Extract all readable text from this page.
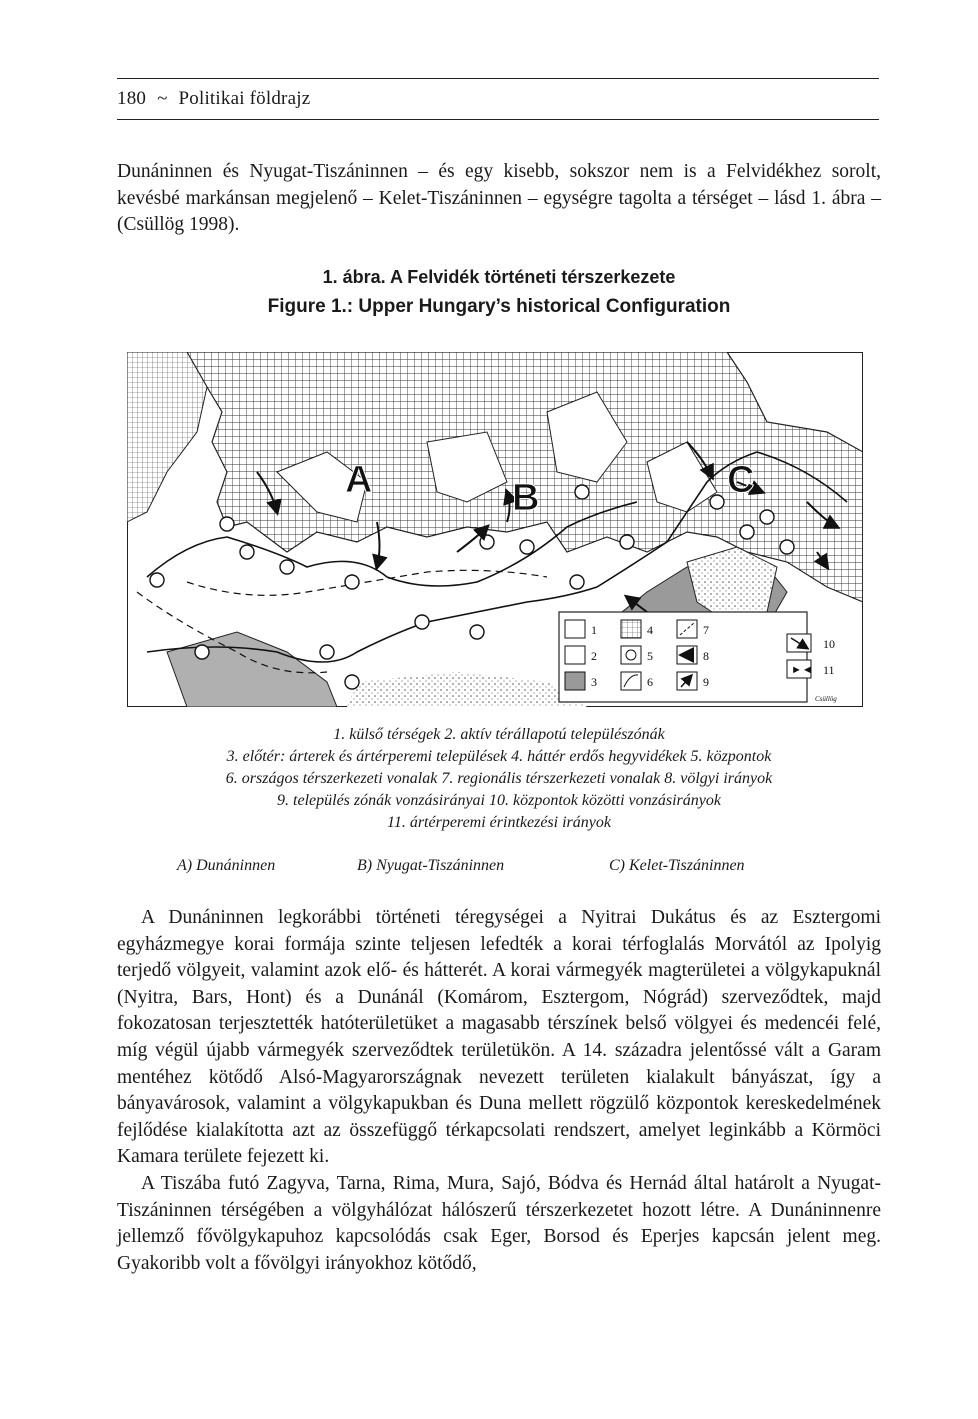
180 ~ Politikai földrajz

Dunáninnen és Nyugat-Tiszáninnen – és egy kisebb, sokszor nem is a Felvidékhez sorolt, kevésbé markánsan megjelenő – Kelet-Tiszáninnen – egységre tagolta a térséget – lásd 1. ábra – (Csüllög 1998).

1. ábra. A Felvidék történeti térszerkezete
Figure 1.: Upper Hungary’s historical Configuration
A	B	C
1
2
3
4
5
6
7
8
9
10
►◄ 11
Csüllög
1. külső térségek 2. aktív térállapotú települészónák
3. előtér: árterek és ártérperemi települések 4. háttér erdős hegyvidékek 5. központok
6. országos térszerkezeti vonalak 7. regionális térszerkezeti vonalak 8. völgyi irányok
9. település zónák vonzásirányai 10. központok közötti vonzásirányok
11. ártérperemi érintkezési irányok
A) Dunáninnen	B) Nyugat-Tiszáninnen	C) Kelet-Tiszáninnen

A Dunáninnen legkorábbi történeti téregységei a Nyitrai Dukátus és az Esztergomi egyházmegye korai formája szinte teljesen lefedték a korai térfoglalás Morvától az Ipolyig terjedő völgyeit, valamint azok elő- és hátterét. A korai vármegyék magterületei a völgykapuknál (Nyitra, Bars, Hont) és a Dunánál (Komárom, Esztergom, Nógrád) szerveződtek, majd fokozatosan terjesztették hatóterületüket a magasabb térszínek belső völgyei és medencéi felé, míg végül újabb vármegyék szerveződtek területükön. A 14. századra jelentőssé vált a Garam mentéhez kötődő Alsó-Magyarországnak nevezett területen kialakult bányászat, így a bányavárosok, valamint a völgykapukban és Duna mellett rögzülő központok kereskedelmének fejlődése kialakította azt az összefüggő térkapcsolati rendszert, amelyet leginkább a Körmöci Kamara területe fejezett ki.

A Tiszába futó Zagyva, Tarna, Rima, Mura, Sajó, Bódva és Hernád által határolt a Nyugat-Tiszáninnen térségében a völgyhálózat hálószerű térszerkezetet hozott létre. A Dunáninnenre jellemző fővölgykapuhoz kapcsolódás csak Eger, Borsod és Eperjes kapcsán jelent meg. Gyakoribb volt a fővölgyi irányokhoz kötődő,
